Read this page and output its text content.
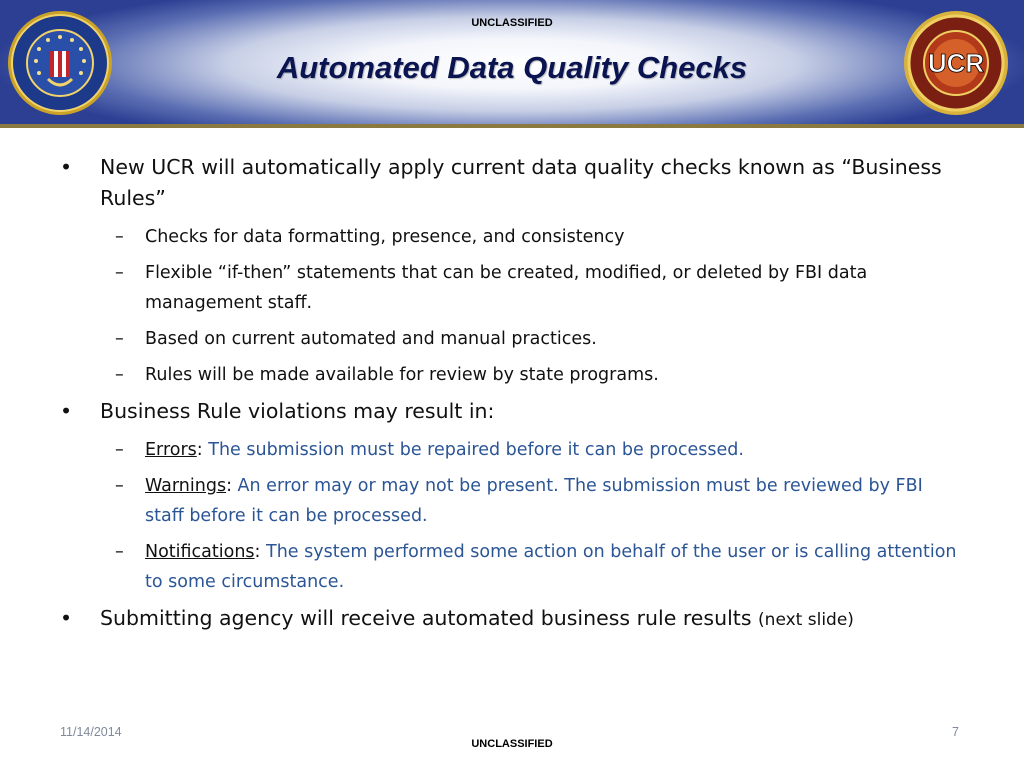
UNCLASSIFIED
Automated Data Quality Checks	UCR
• New UCR will automatically apply current data quality checks known as “Business Rules”
– Checks for data formatting, presence, and consistency
– Flexible “if-then” statements that can be created, modified, or deleted by FBI data management staff.
– Based on current automated and manual practices.
– Rules will be made available for review by state programs.
• Business Rule violations may result in:
– Errors: The submission must be repaired before it can be processed.
– Warnings: An error may or may not be present. The submission must be reviewed by FBI staff before it can be processed.
– Notifications: The system performed some action on behalf of the user or is calling attention to some circumstance.
• Submitting agency will receive automated business rule results (next slide)
11/14/2014	7
UNCLASSIFIED
